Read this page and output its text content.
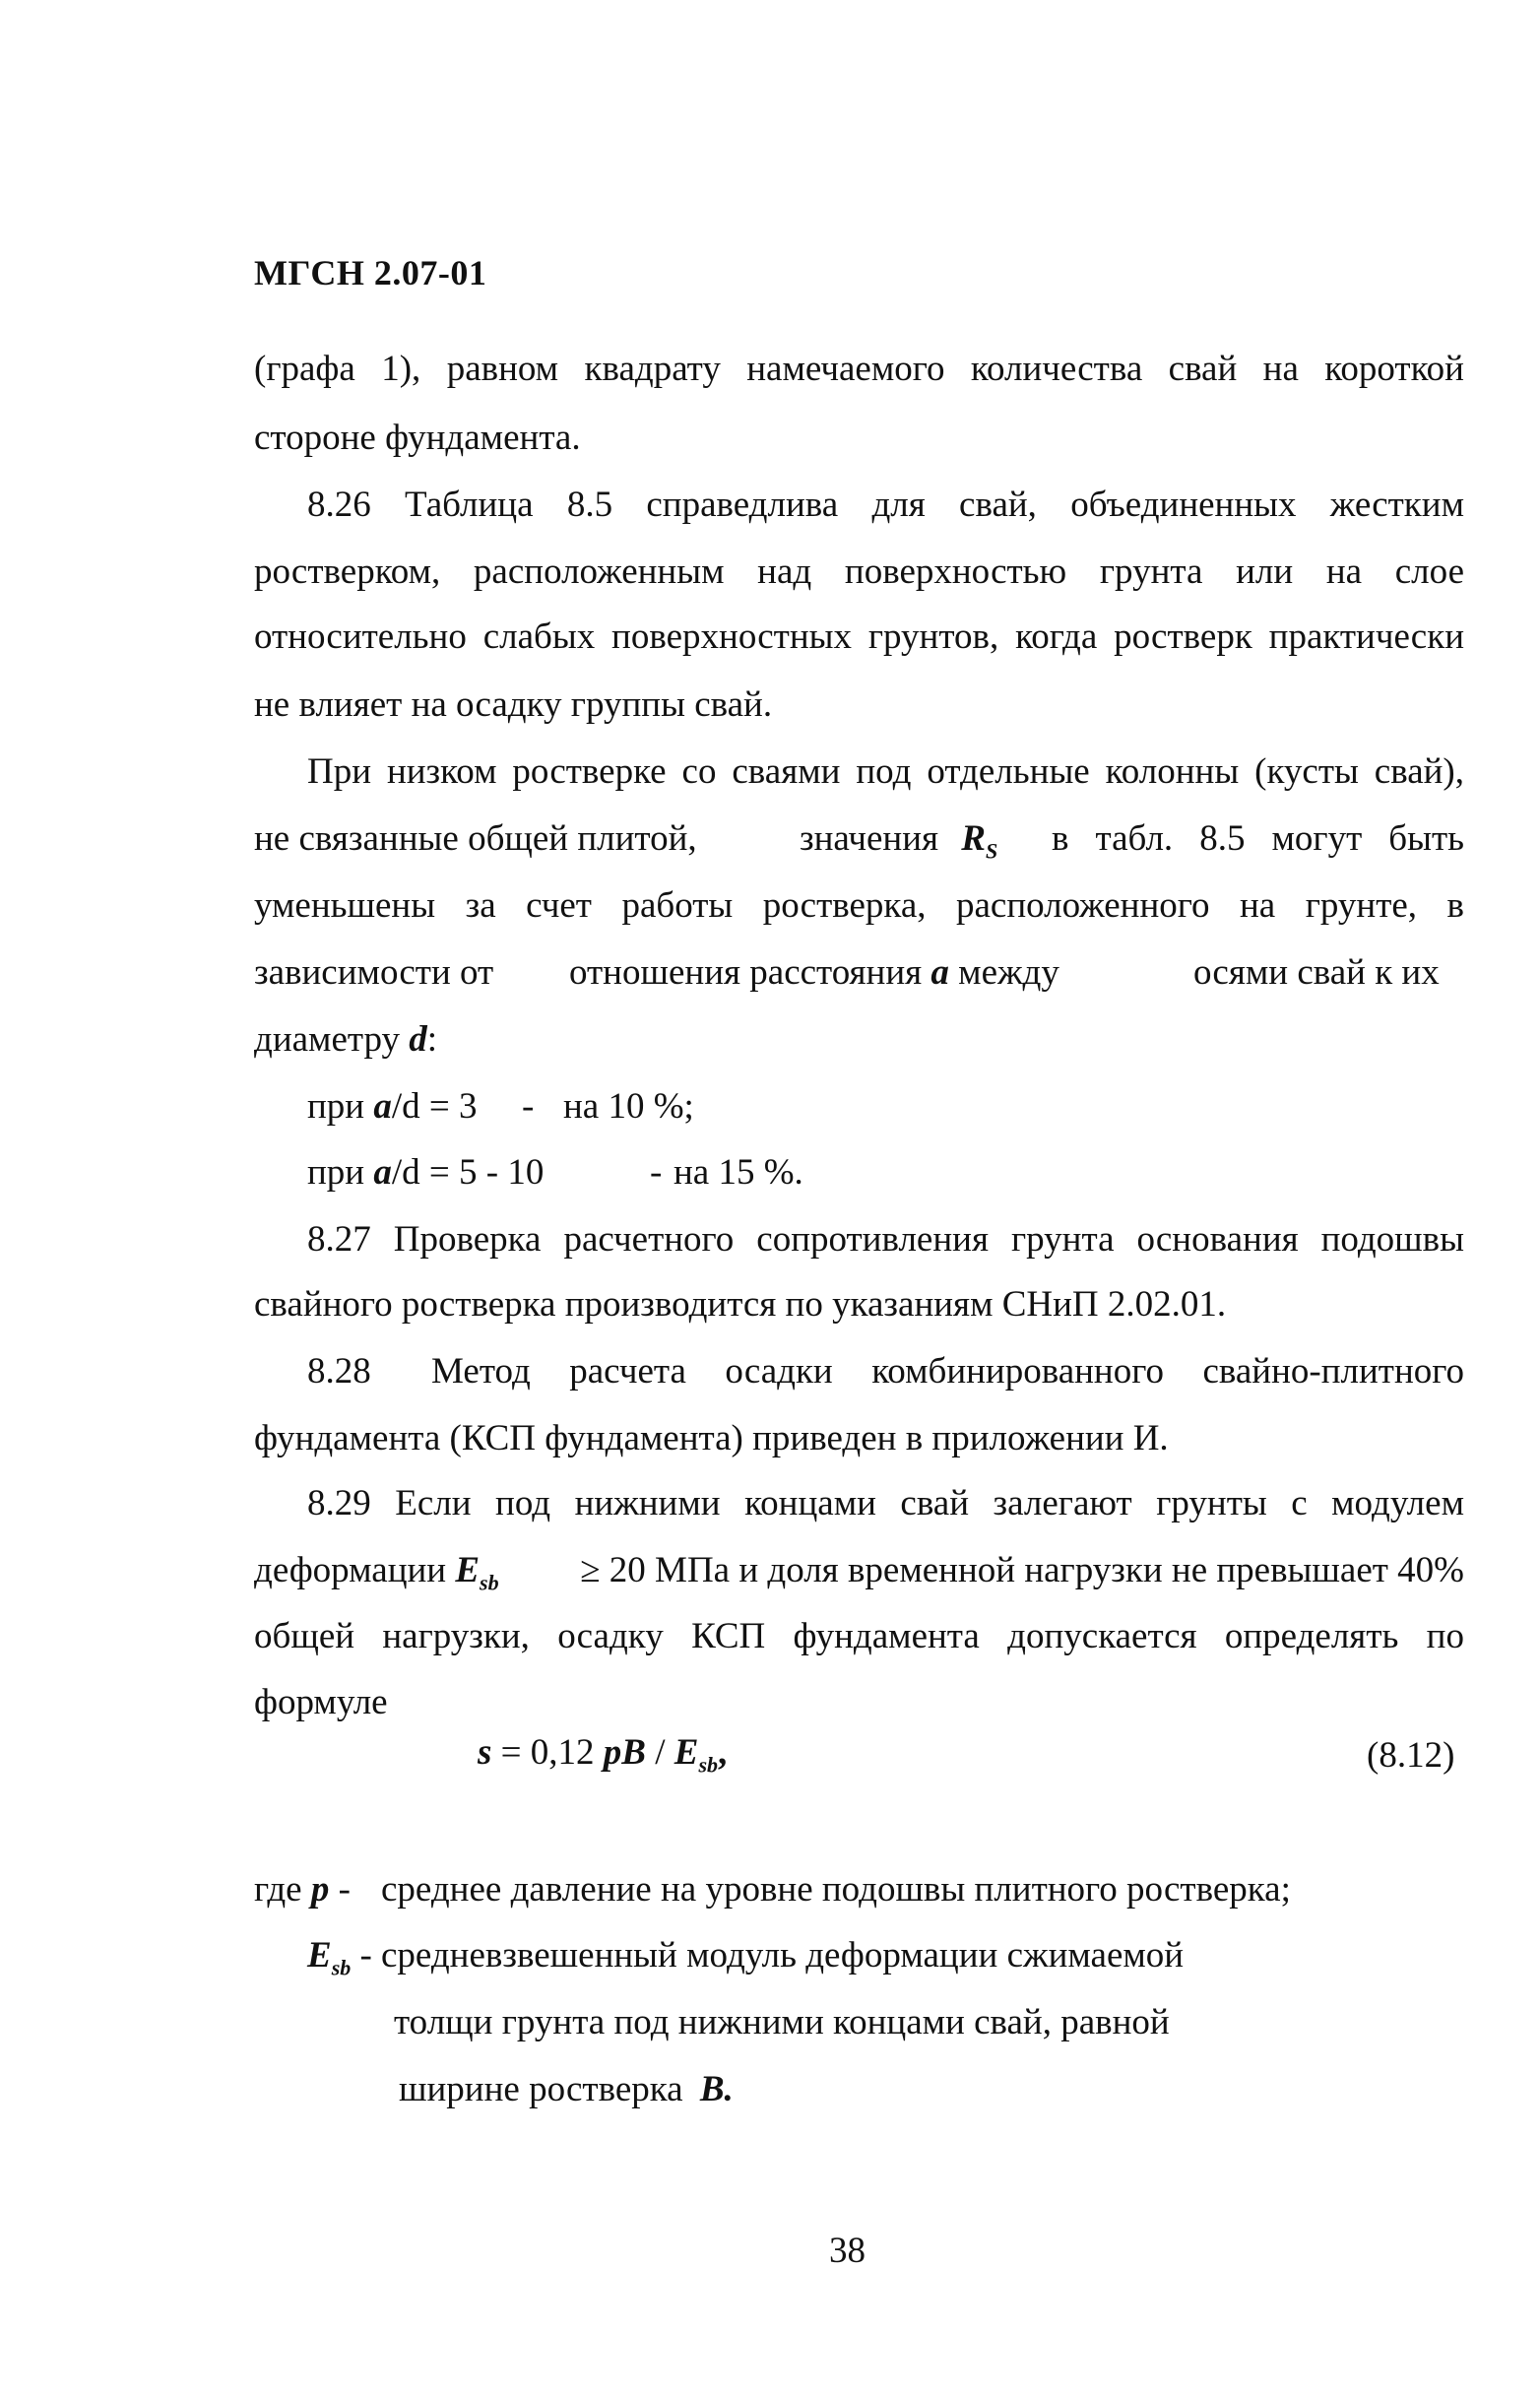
МГСН 2.07-01
(графа 1), равном квадрату намечаемого количества свай на короткой
стороне фундамента.
8.26 Таблица 8.5 справедлива для свай, объединенных жестким
ростверком, расположенным над поверхностью грунта или на слое
относительно слабых поверхностных грунтов, когда ростверк практически
не влияет на осадку группы свай.
При низком ростверке со сваями под отдельные колонны (кусты свай),
не связанные общей плитой,	значения $R_S$ в табл. 8.5 могут быть
уменьшены за счет работы ростверка, расположенного на грунте, в
зависимости от отношения расстояния a между	осями свай к их
диаметру d:
при a/d = 3 - на 10 %;
при a/d = 5 - 10	- на 15 %.
8.27 Проверка расчетного сопротивления грунта основания подошвы
свайного ростверка производится по указаниям СНиП 2.02.01.
8.28 Метод расчета осадки комбинированного свайно-плитного
фундамента (КСП фундамента) приведен в приложении И.
8.29 Если под нижними концами свай залегают грунты с модулем
деформации $E_{sb} \ge 20$ МПа и доля временной нагрузки не превышает 40%
общей нагрузки, осадку КСП фундамента допускается определять по
формуле
s = 0,12 pB / $E_{sb}$,	(8.12)
где p - среднее давление на уровне подошвы плитного ростверка;
$E_{sb}$ - средневзвешенный модуль деформации сжимаемой
толщи грунта под нижними концами свай, равной
ширине ростверка B.
38
